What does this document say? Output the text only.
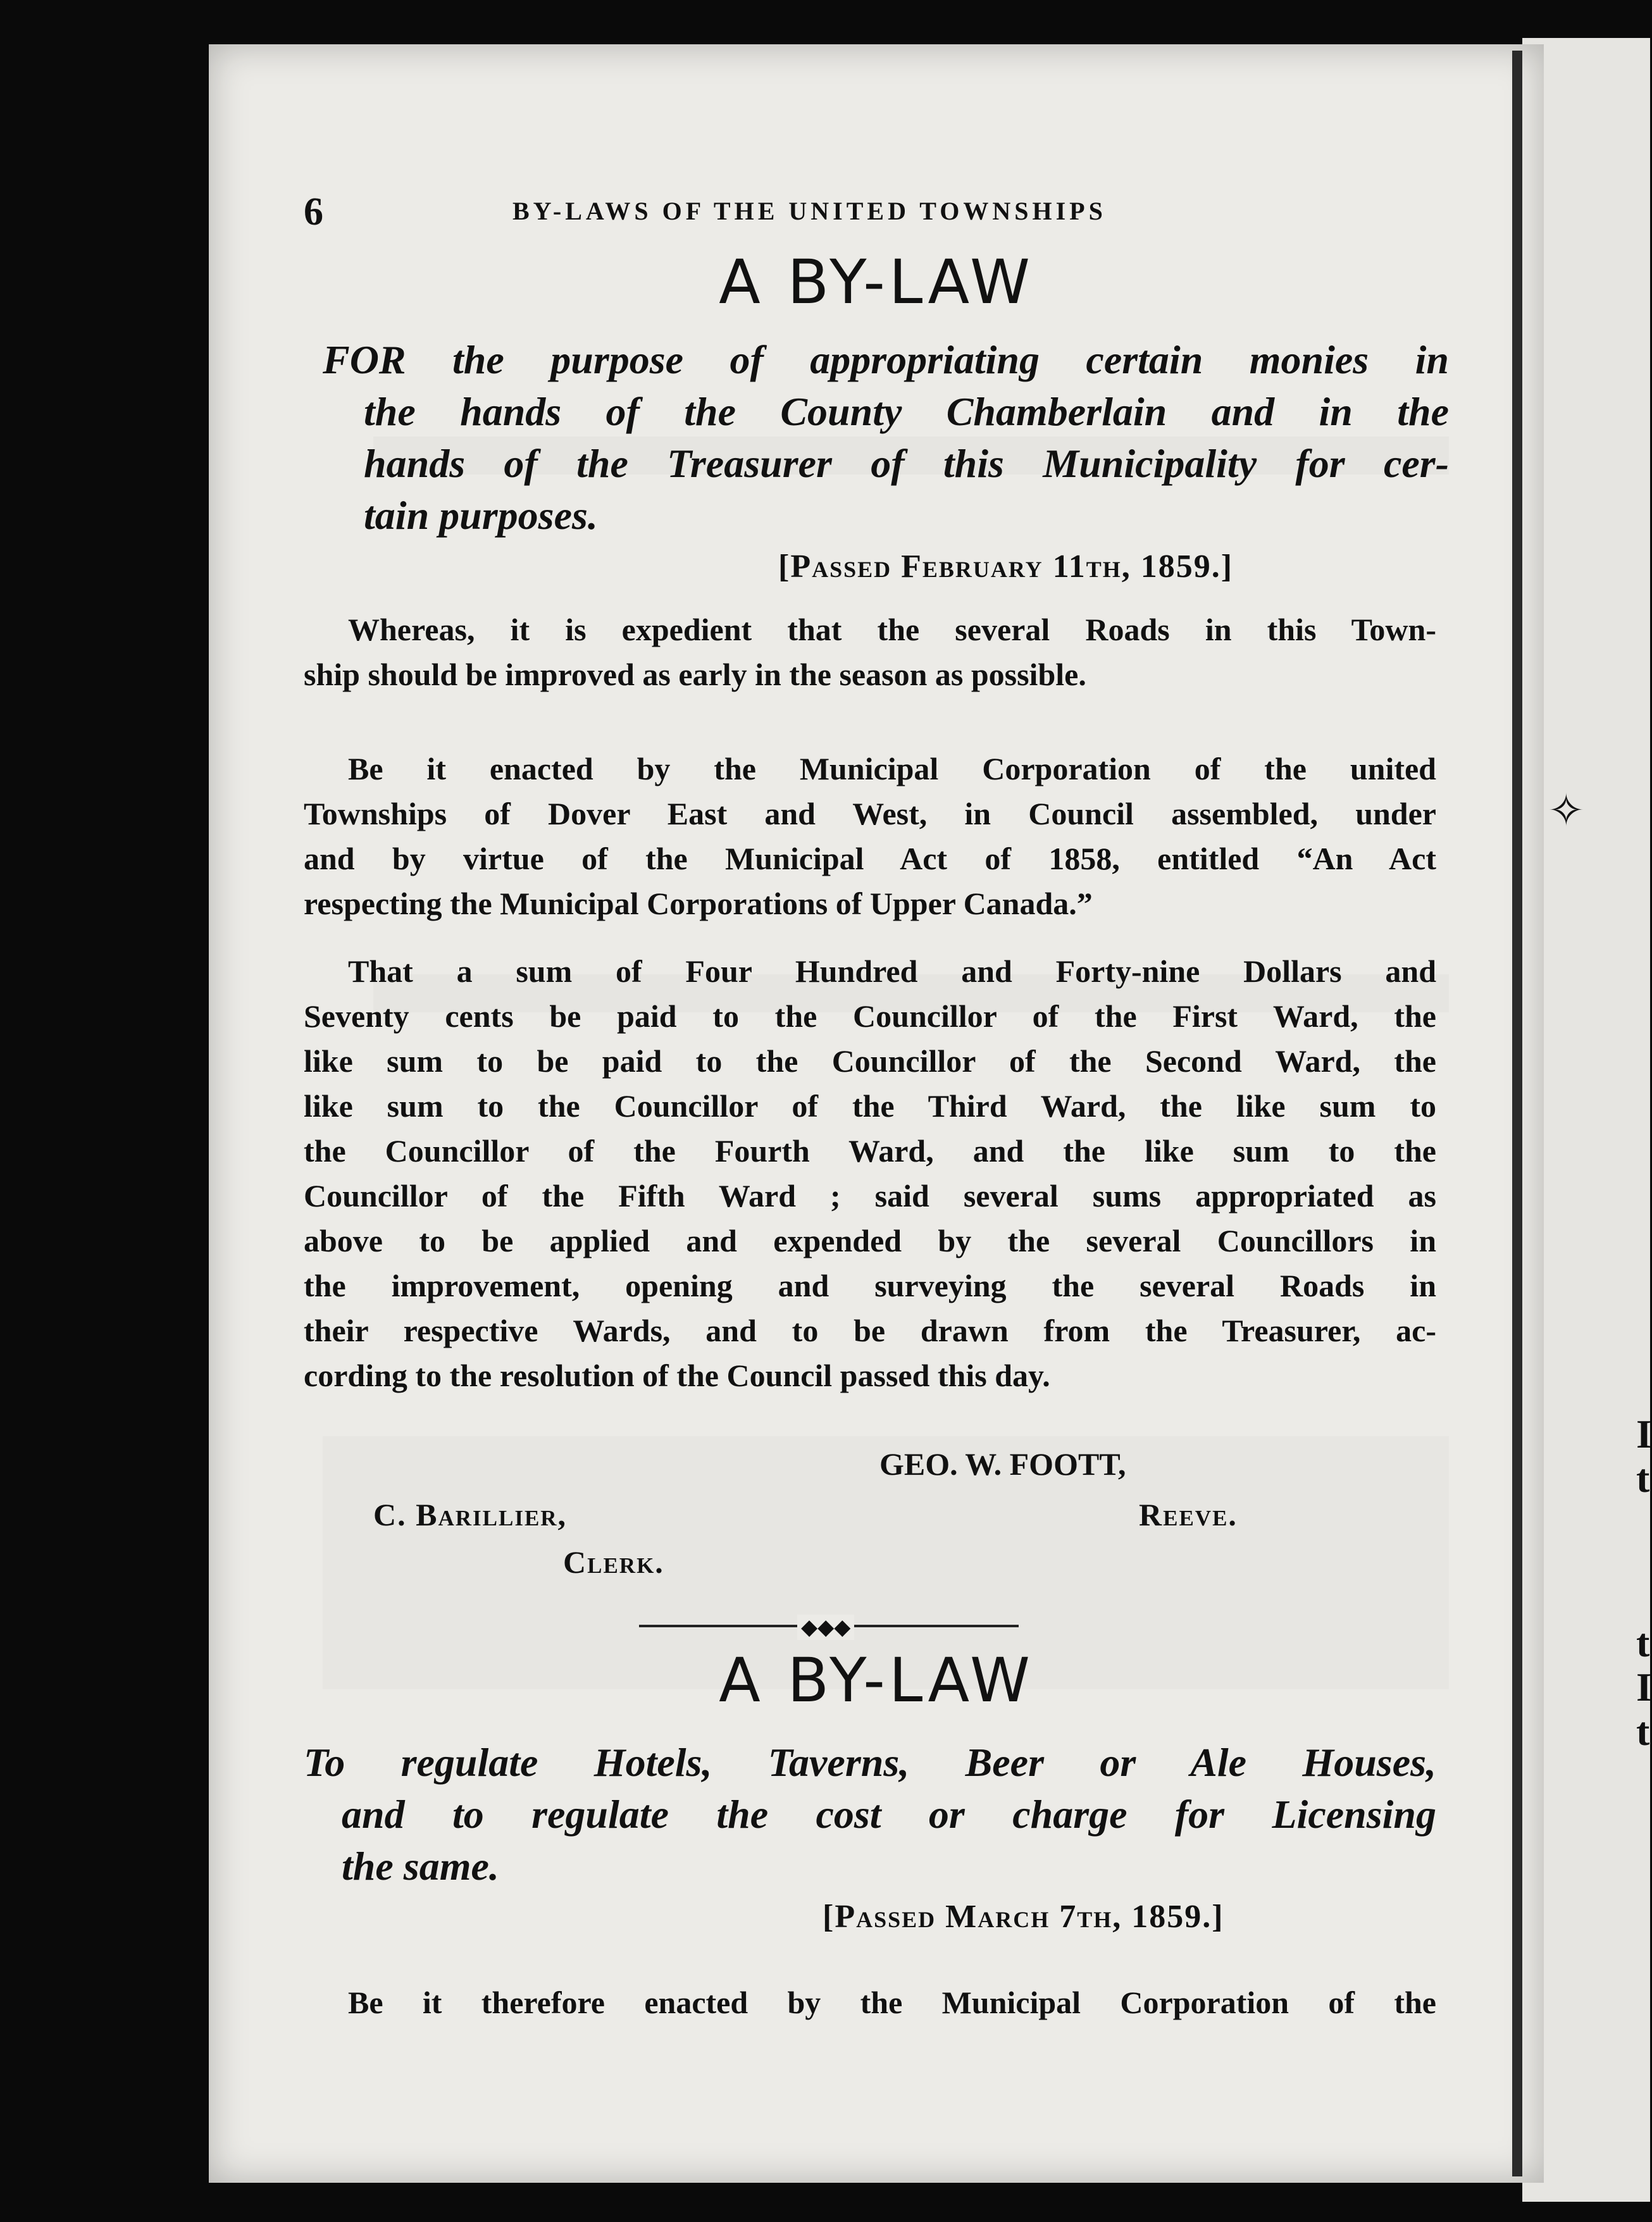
✧
I
t
t
I
t
6	BY-LAWS OF THE UNITED TOWNSHIPS
A BY-LAW
FOR the purpose of appropriating certain monies in
the hands of the County Chamberlain and in the
hands of the Treasurer of this Municipality for cer-
tain purposes.
[Passed February 11th, 1859.]
Whereas, it is expedient that the several Roads in this Town-
ship should be improved as early in the season as possible.
Be it enacted by the Municipal Corporation of the united
Townships of Dover East and West, in Council assembled, under
and by virtue of the Municipal Act of 1858, entitled “An Act
respecting the Municipal Corporations of Upper Canada.”
That a sum of Four Hundred and Forty-nine Dollars and
Seventy cents be paid to the Councillor of the First Ward, the
like sum to be paid to the Councillor of the Second Ward, the
like sum to the Councillor of the Third Ward, the like sum to
the Councillor of the Fourth Ward, and the like sum to the
Councillor of the Fifth Ward ; said several sums appropriated as
above to be applied and expended by the several Councillors in
the improvement, opening and surveying the several Roads in
their respective Wards, and to be drawn from the Treasurer, ac-
cording to the resolution of the Council passed this day.
GEO. W. FOOTT,
Reeve.
C. Barillier,
Clerk.
◆◆◆
A BY-LAW
To regulate Hotels, Taverns, Beer or Ale Houses,
and to regulate the cost or charge for Licensing
the same.
[Passed March 7th, 1859.]
Be it therefore enacted by the Municipal Corporation of the
